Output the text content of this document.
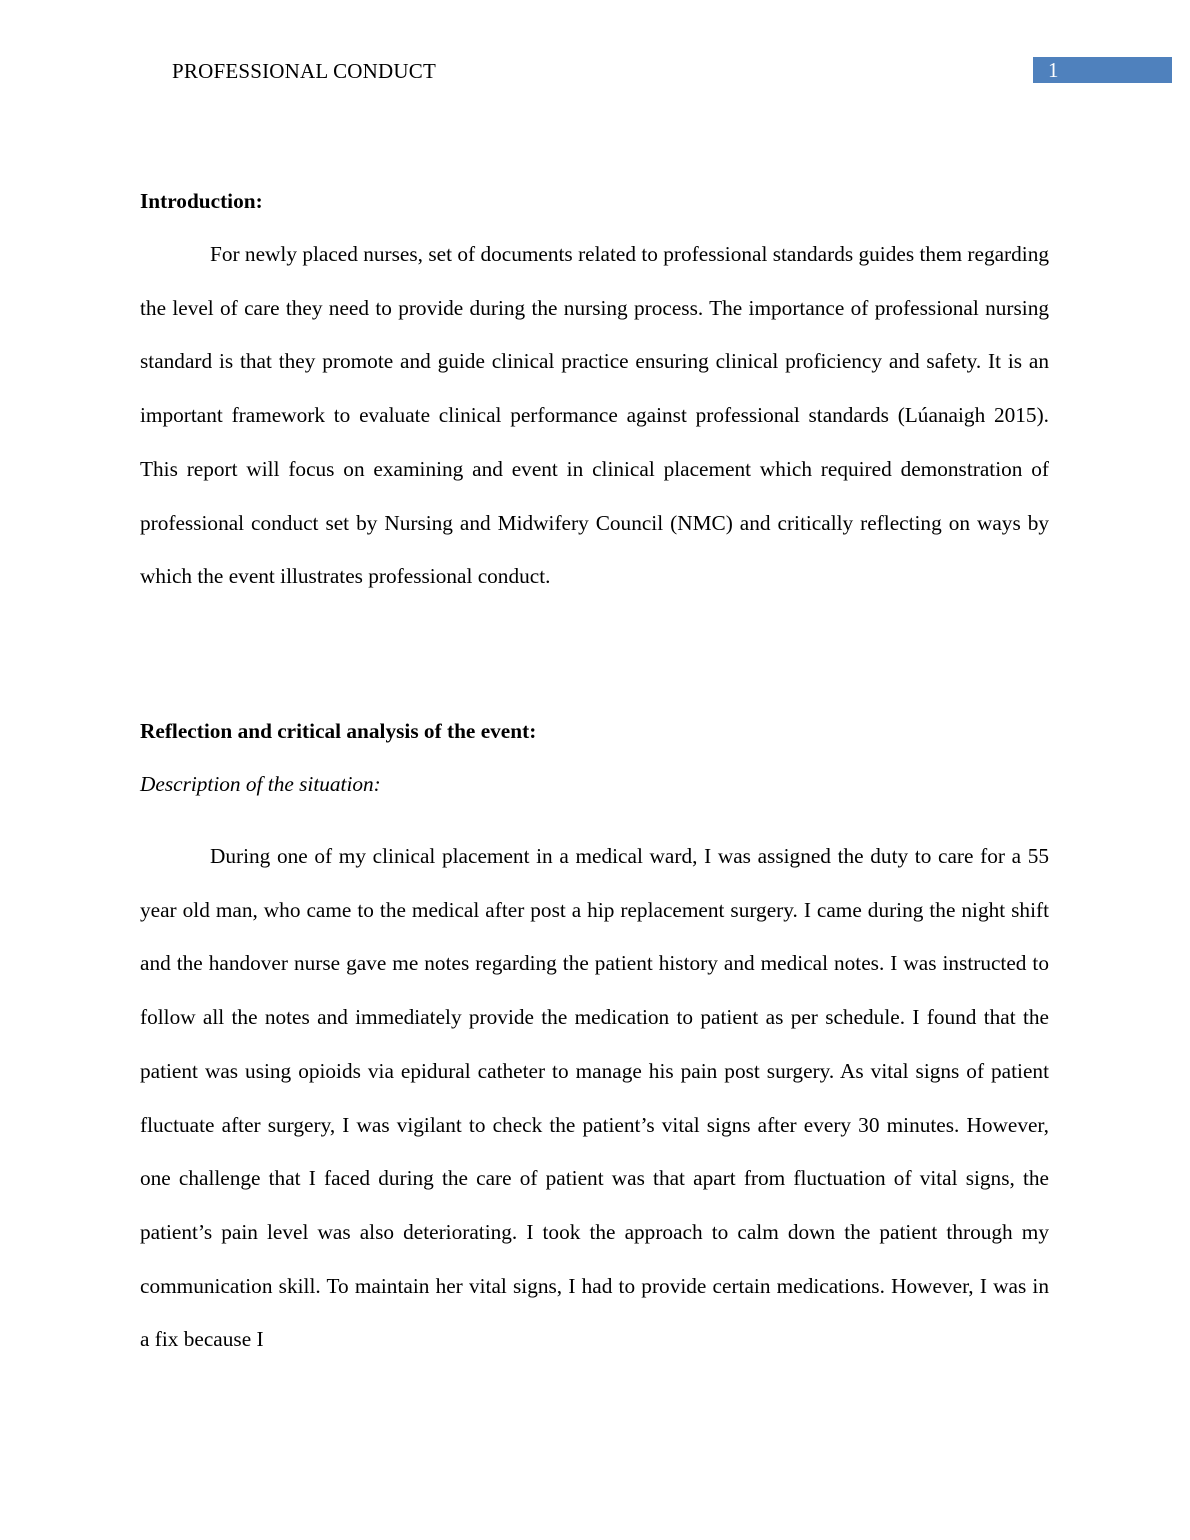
PROFESSIONAL CONDUCT	1
Introduction:

For newly placed nurses, set of documents related to professional standards guides them regarding the level of care they need to provide during the nursing process. The importance of professional nursing standard is that they promote and guide clinical practice ensuring clinical proficiency and safety. It is an important framework to evaluate clinical performance against professional standards (Lúanaigh 2015). This report will focus on examining and event in clinical placement which required demonstration of professional conduct set by Nursing and Midwifery Council (NMC) and critically reflecting on ways by which the event illustrates professional conduct.

Reflection and critical analysis of the event:
Description of the situation:

During one of my clinical placement in a medical ward, I was assigned the duty to care for a 55 year old man, who came to the medical after post a hip replacement surgery. I came during the night shift and the handover nurse gave me notes regarding the patient history and medical notes. I was instructed to follow all the notes and immediately provide the medication to patient as per schedule. I found that the patient was using opioids via epidural catheter to manage his pain post surgery. As vital signs of patient fluctuate after surgery, I was vigilant to check the patient’s vital signs after every 30 minutes. However, one challenge that I faced during the care of patient was that apart from fluctuation of vital signs, the patient’s pain level was also deteriorating. I took the approach to calm down the patient through my communication skill. To maintain her vital signs, I had to provide certain medications. However, I was in a fix because I
